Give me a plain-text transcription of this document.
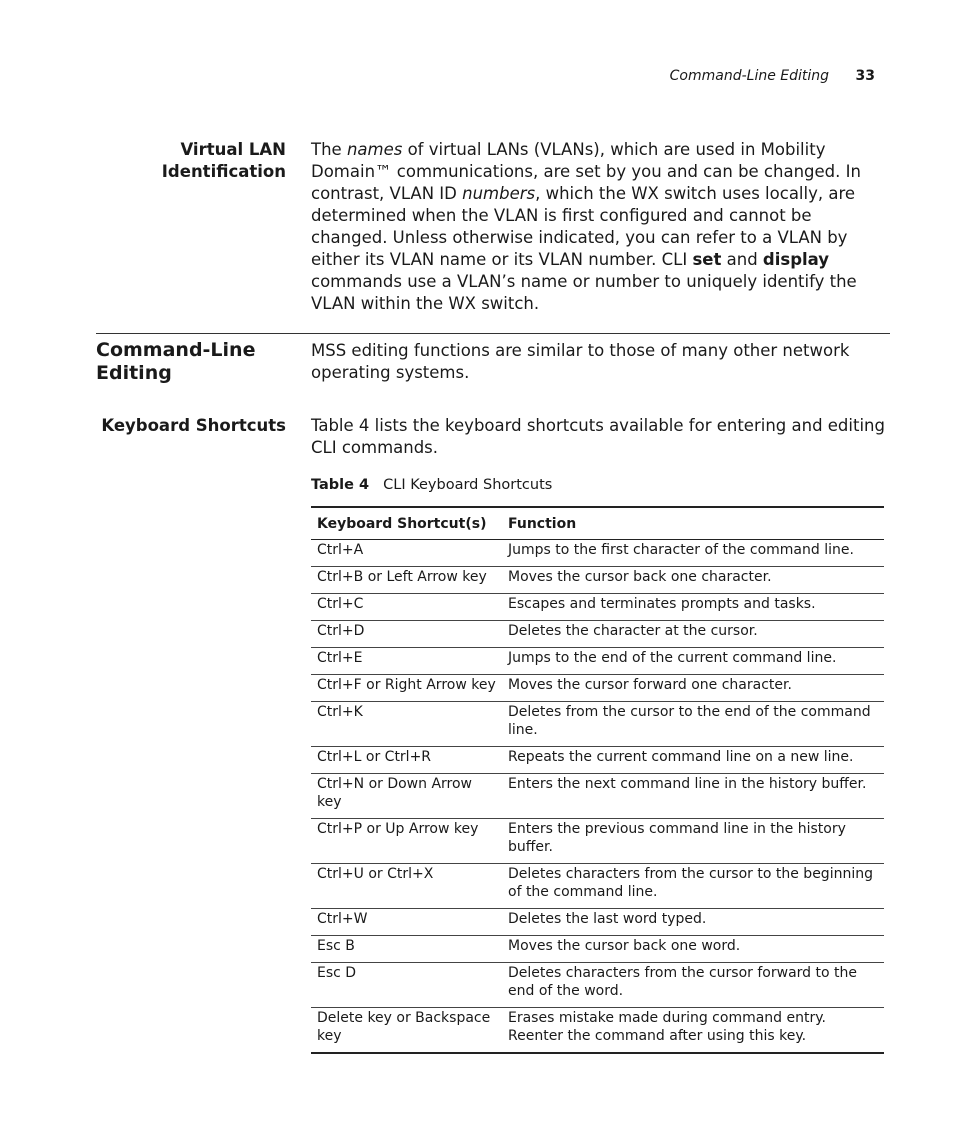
Command-Line Editing 33
Virtual LAN
Identification
The names of virtual LANs (VLANs), which are used in Mobility Domain™ communications, are set by you and can be changed. In contrast, VLAN ID numbers, which the WX switch uses locally, are determined when the VLAN is first configured and cannot be changed. Unless otherwise indicated, you can refer to a VLAN by either its VLAN name or its VLAN number. CLI set and display commands use a VLAN’s name or number to uniquely identify the VLAN within the WX switch.
Command-Line
Editing
MSS editing functions are similar to those of many other network operating systems.
Keyboard Shortcuts Table 4 lists the keyboard shortcuts available for entering and editing CLI commands.
Table 4 CLI Keyboard Shortcuts
Keyboard Shortcut(s)	Function
Ctrl+A	Jumps to the first character of the command line.
Ctrl+B or Left Arrow key	Moves the cursor back one character.
Ctrl+C	Escapes and terminates prompts and tasks.
Ctrl+D	Deletes the character at the cursor.
Ctrl+E	Jumps to the end of the current command line.
Ctrl+F or Right Arrow key	Moves the cursor forward one character.
Ctrl+K	Deletes from the cursor to the end of the command line.
Ctrl+L or Ctrl+R	Repeats the current command line on a new line.
Ctrl+N or Down Arrow key	Enters the next command line in the history buffer.
Ctrl+P or Up Arrow key	Enters the previous command line in the history buffer.
Ctrl+U or Ctrl+X	Deletes characters from the cursor to the beginning of the command line.
Ctrl+W	Deletes the last word typed.
Esc B	Moves the cursor back one word.
Esc D	Deletes characters from the cursor forward to the end of the word.
Delete key or Backspace key	Erases mistake made during command entry. Reenter the command after using this key.
